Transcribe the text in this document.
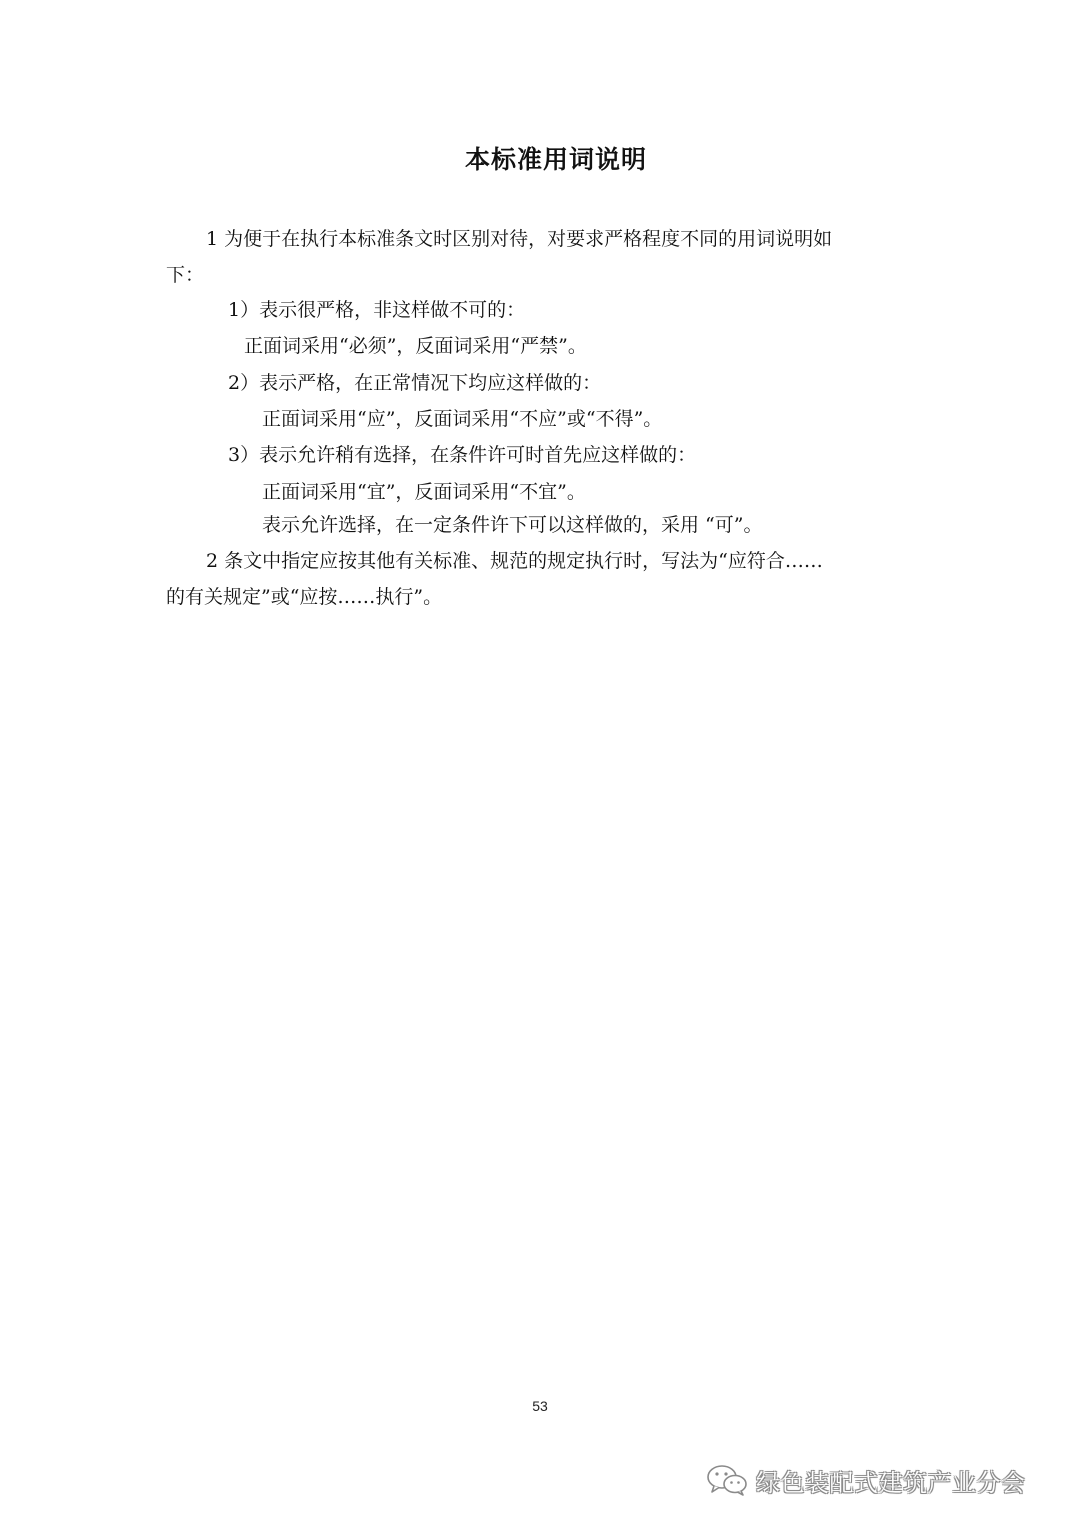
本标准用词说明
1 为便于在执行本标准条文时区别对待，对要求严格程度不同的用词说明如
下：
1）表示很严格，非这样做不可的：
正面词采用“必须”，反面词采用“严禁”。
2）表示严格，在正常情况下均应这样做的：
正面词采用“应”，反面词采用“不应”或“不得”。
3）表示允许稍有选择，在条件许可时首先应这样做的：
正面词采用“宜”，反面词采用“不宜”。
表示允许选择，在一定条件许下可以这样做的，采用 “可”。
2 条文中指定应按其他有关标准、规范的规定执行时，写法为“应符合……
的有关规定”或“应按……执行”。
53
绿色装配式建筑产业分会
